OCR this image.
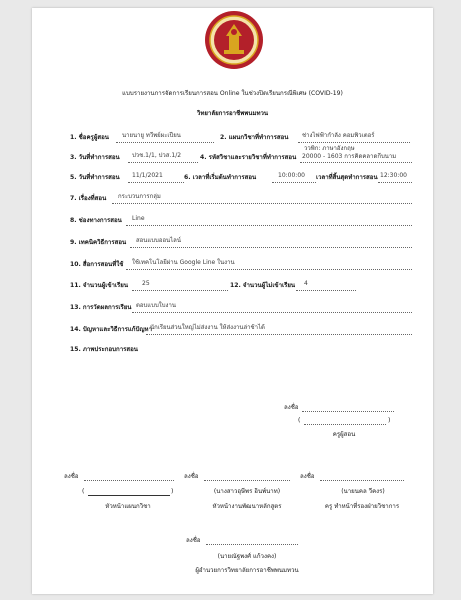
แบบรายงานการจัดการเรียนการสอน Online ในช่วงปิดเรียนกรณีพิเศษ (COVID-19)
วิทยาลัยการอาชีพพนมทวน
1. ชื่อครูผู้สอน นายนายู ทวีพย์ผะเปียน	2. แผนกวิชาที่ทำการสอน ช่างไฟฟ้ากำลัง คอมพิวเตอร์
3. วันที่ทำการสอน ปวช.1/1, ปวส.1/2	4. รหัสวิชาและรายวิชาที่ทำการสอน
ววพิก: ภาษาอังกฤษ
20000 - 1603 การคิดคลาดกีบนาม
5. วันที่ทำการสอน 11/1/2021	6. เวลาที่เริ่มต้นทำการสอน	10:00:00 เวลาที่สิ้นสุดทำการสอน 12:30:00
7. เรื่องที่สอน กระบวนการกลุ่ม
8. ช่องทางการสอน Line
9. เทคนิควิธีการสอน สอนแบบออนไลน์
10. สื่อการสอนที่ใช้ ใช้เทคโนโลยีผ่าน Google Line ในงาน
11. จำนวนผู้เข้าเรียน 25	12. จำนวนผู้ไม่เข้าเรียน 4
13. การวัดผลการเรียน ตอบแบบใบงาน
14. ปัญหาและวิธีการแก้ปัญหา
นักเรียนส่วนใหญ่ไม่ส่งงาน ให้ส่งงานล่าช้าได้
15. ภาพประกอบการสอน
ลงชื่อ
(	)
ครูผู้สอน
ลงชื่อ
(	)
หัวหน้าแผนกวิชา
ลงชื่อ
(นางสาวอุษีพร อินพ์นาท)
หัวหน้างานพัฒนาหลักสูตร
ลงชื่อ
(นายนคล วีคงร)
ครู ทำหน้าที่รองฝ่ายวิชาการ
ลงชื่อ
(นายณัฐพงศ์ แก้วงคง)
ผู้อำนวยการวิทยาลัยการอาชีพพนมทวน
